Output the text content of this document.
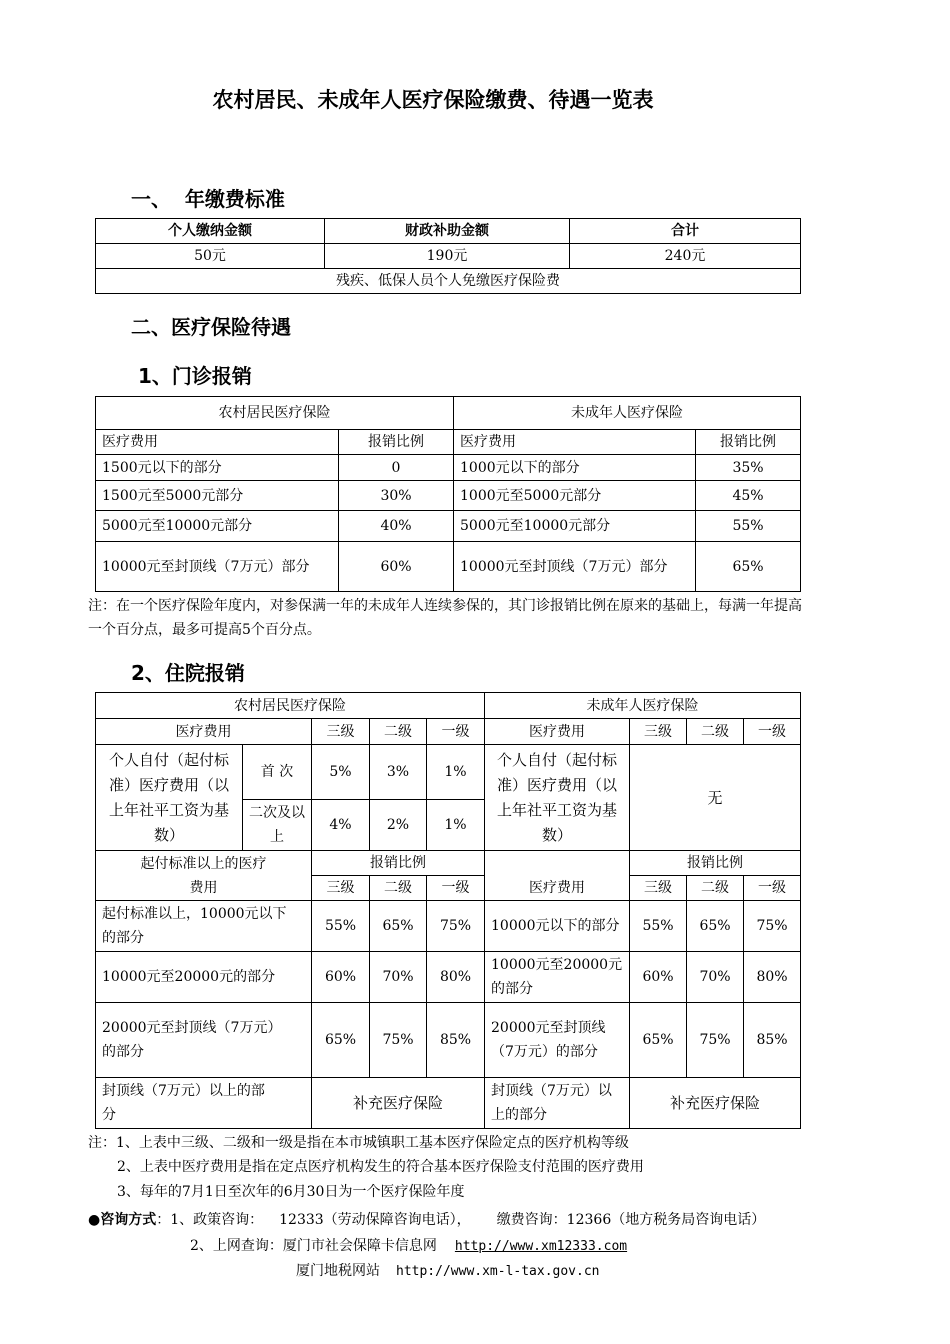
农村居民、未成年人医疗保险缴费、待遇一览表
一、  年缴费标准
个人缴纳金额	财政补助金额	合计
50元	190元	240元
残疾、低保人员个人免缴医疗保险费		
二、医疗保险待遇
1、门诊报销
农村居民医疗保险		未成年人医疗保险	
医疗费用	报销比例	医疗费用	报销比例
1500元以下的部分	0	1000元以下的部分	35%
1500元至5000元部分	30%	1000元至5000元部分	45%
5000元至10000元部分	40%	5000元至10000元部分	55%
10000元至封顶线（7万元）部分	60%	10000元至封顶线（7万元）部分	65%
注：在一个医疗保险年度内，对参保满一年的未成年人连续参保的，其门诊报销比例在原来的基础上，每满一年提高一个百分点，最多可提高5个百分点。
2、住院报销
农村居民医疗保险					未成年人医疗保险			
医疗费用		三级	二级	一级	医疗费用	三级	二级	一级
个人自付（起付标准）医疗费用（以上年社平工资为基数）	首 次	5%	3%	1%	个人自付（起付标准）医疗费用（以上年社平工资为基数）	无		
	二次及以上	4%	2%	1%				
起付标准以上的医疗费用		报销比例			医疗费用	报销比例		
		三级	二级	一级		三级	二级	一级
起付标准以上，10000元以下的部分		55%	65%	75%	10000元以下的部分	55%	65%	75%
10000元至20000元的部分		60%	70%	80%	10000元至20000元的部分	60%	70%	80%
20000元至封顶线（7万元）的部分		65%	75%	85%	20000元至封顶线（7万元）的部分	65%	75%	85%
封顶线（7万元）以上的部分		补充医疗保险			封顶线（7万元）以上的部分	补充医疗保险		
注：1、上表中三级、二级和一级是指在本市城镇职工基本医疗保险定点的医疗机构等级
2、上表中医疗费用是指在定点医疗机构发生的符合基本医疗保险支付范围的医疗费用
3、每年的7月1日至次年的6月30日为一个医疗保险年度
●咨询方式：1、政策咨询： 12333（劳动保障咨询电话）， 缴费咨询：12366（地方税务局咨询电话）
2、上网查询：厦门市社会保障卡信息网 http://www.xm12333.com
厦门地税网站 http://www.xm-l-tax.gov.cn
